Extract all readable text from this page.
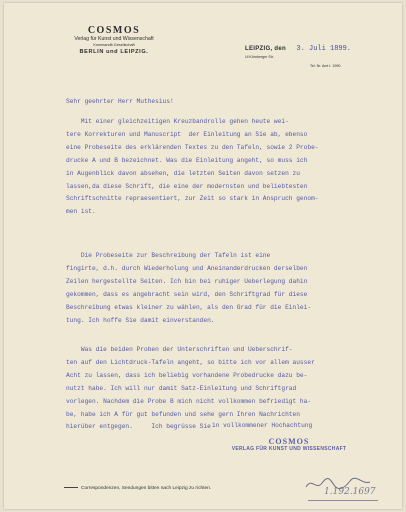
COSMOS
Verlag für Kunst und Wissenschaft
Kommandit-Gesellschaft
BERLIN und LEIPZIG.	LEIPZIG, den 3. Juli 1899.
Ul Kürnberger Str.
Tel. Nr. Amt I. 1990.
Sehr geehrter Herr Muthesius!
Mit einer gleichzeitigen Kreuzbandrolle gehen heute wei-
tere Korrekturen und Manuscript  der Einleitung an Sie ab, ebenso
eine Probeseite des erklärenden Textes zu den Tafeln, sowie 2 Probe-
drucke A und B bezeichnet. Was die Einleitung angeht, so muss ich
in Augenblick davon absehen, die letzten Seiten davon setzen zu
lassen,da diese Schrift, die eine der modernsten und beliebtesten
Schriftschnitte repraesentiert, zur Zeit so stark in Anspruch genom-
men ist.
Die Probeseite zur Beschreibung der Tafeln ist eine
fingirte, d.h. durch Wiederholung und Aneinanderdrucken derselben
Zeilen hergestellte Seiten. Ich bin bei ruhiger Ueberlegung dahin
gekommen, dass es angebracht sein wird, den Schriftgrad für diese
Beschreibung etwas kleiner zu wählen, als den Grad für die Einlei-
tung. Ich hoffe Sie damit einverstanden.
Was die beiden Proben der Unterschriften und Ueberschrif-
ten auf den Lichtdruck-Tafeln angeht, so bitte ich vor allem ausser
Acht zu lassen, dass ich beliebig vorhandene Probedrucke dazu be-
nutzt habe. Ich will nur damit Satz-Einleitung und Schriftgrad
vorlegen. Nachdem die Probe B mich nicht vollkommen befriedigt ha-
be, habe ich A für gut befunden und sehe gern Ihren Nachrichten
hierüber entgegen.     Ich begrüsse Sie in vollkommener Hochachtung
COSMOS
VERLAG FÜR KUNST UND WISSENSCHAFT
Correspondenzen, Sendungen bitten nach Leipzig zu richten.	1.192.1697
